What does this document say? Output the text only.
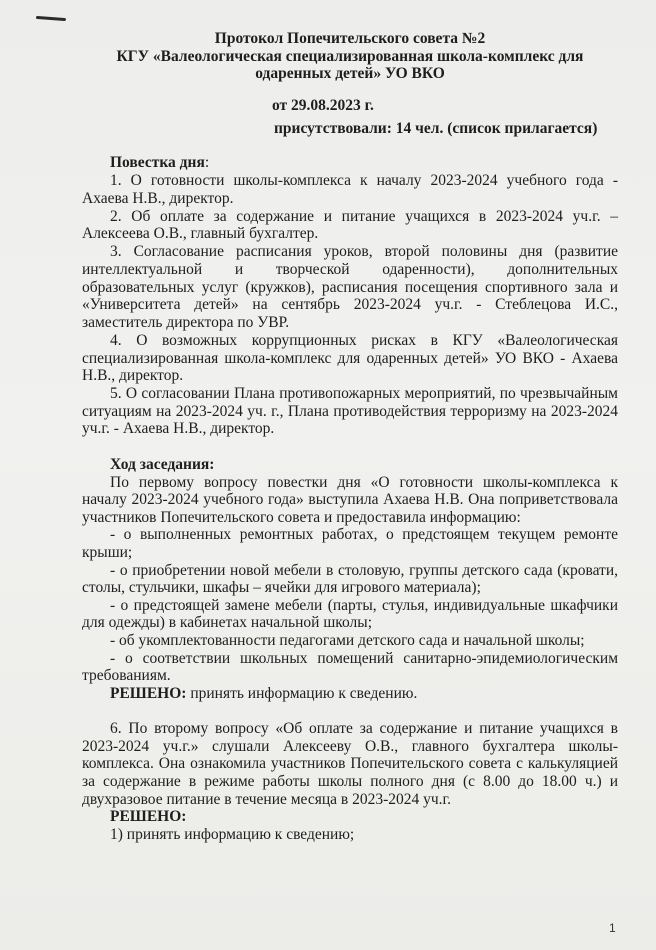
Протокол Попечительского совета №2
КГУ «Валеологическая специализированная школа-комплекс для
одаренных детей» УО ВКО
от 29.08.2023 г.
присутствовали: 14 чел. (список прилагается)
Повестка дня:

1. О готовности школы-комплекса к началу 2023-2024 учебного года - Ахаева Н.В., директор.

2. Об оплате за содержание и питание учащихся в 2023-2024 уч.г. – Алексеева О.В., главный бухгалтер.

3. Согласование расписания уроков, второй половины дня (развитие интеллектуальной и творческой одаренности), дополнительных образовательных услуг (кружков), расписания посещения спортивного зала и «Университета детей» на сентябрь 2023-2024 уч.г. - Стеблецова И.С., заместитель директора по УВР.

4. О возможных коррупционных рисках в КГУ «Валеологическая специализированная школа-комплекс для одаренных детей» УО ВКО - Ахаева Н.В., директор.

5. О согласовании Плана противопожарных мероприятий, по чрезвычайным ситуациям на 2023-2024 уч. г., Плана противодействия терроризму на 2023-2024 уч.г. - Ахаева Н.В., директор.

Ход заседания:

По первому вопросу повестки дня «О готовности школы-комплекса к началу 2023-2024 учебного года» выступила Ахаева Н.В. Она поприветствовала участников Попечительского совета и предоставила информацию:

- о выполненных ремонтных работах, о предстоящем текущем ремонте крыши;

- о приобретении новой мебели в столовую, группы детского сада (кровати, столы, стульчики, шкафы – ячейки для игрового материала);

- о предстоящей замене мебели (парты, стулья, индивидуальные шкафчики для одежды) в кабинетах начальной школы;

- об укомплектованности педагогами детского сада и начальной школы;

- о соответствии школьных помещений санитарно-эпидемиологическим требованиям.

РЕШЕНО: принять информацию к сведению.

6. По второму вопросу «Об оплате за содержание и питание учащихся в 2023-2024 уч.г.» слушали Алексееву О.В., главного бухгалтера школы-комплекса. Она ознакомила участников Попечительского совета с калькуляцией за содержание в режиме работы школы полного дня (с 8.00 до 18.00 ч.) и двухразовое питание в течение месяца в 2023-2024 уч.г.

РЕШЕНО:

1) принять информацию к сведению;

1
